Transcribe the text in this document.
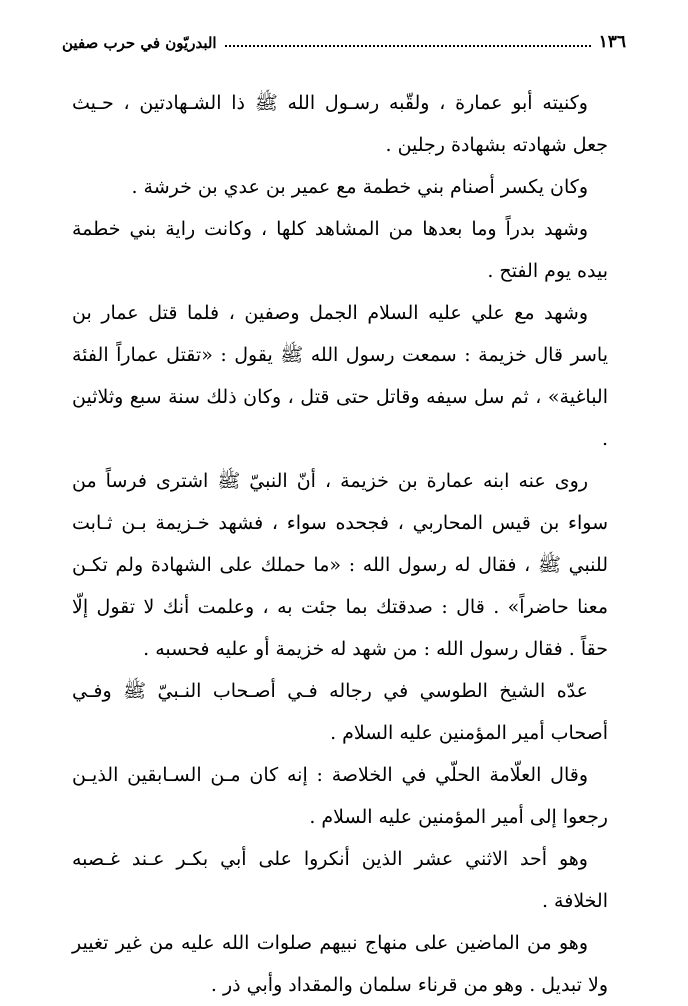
١٣٦
البدريّون في حرب صفين

وكنيته أبو عمارة ، ولقّبه رسـول الله ﷺ ذا الشـهادتين ، حـيث جعل شهادته بشهادة رجلين .

وكان يكسر أصنام بني خطمة مع عمير بن عدي بن خرشة .

وشهد بدراً وما بعدها من المشاهد كلها ، وكانت راية بني خطمة بيده يوم الفتح .

وشهد مع علي عليه السلام الجمل وصفين ، فلما قتل عمار بن ياسر قال خزيمة : سمعت رسول الله ﷺ يقول : «تقتل عماراً الفئة الباغية» ، ثم سل سيفه وقاتل حتى قتل ، وكان ذلك سنة سبع وثلاثين .

روى عنه ابنه عمارة بن خزيمة ، أنّ النبيّ ﷺ اشترى فرساً من سواء بن قيس المحاربي ، فجحده سواء ، فشهد خـزيمة بـن ثـابت للنبي ﷺ ، فقال له رسول الله : «ما حملك على الشهادة ولم تكـن معنا حاضراً» . قال : صدقتك بما جئت به ، وعلمت أنك لا تقول إلّا حقاً . فقال رسول الله : من شهد له خزيمة أو عليه فحسبه .

عدّه الشيخ الطوسي في رجاله فـي أصـحاب النـبيّ ﷺ وفـي أصحاب أمير المؤمنين عليه السلام .

وقال العلّامة الحلّي في الخلاصة : إنه كان مـن السـابقين الذيـن رجعوا إلى أمير المؤمنين عليه السلام .

وهو أحد الاثني عشر الذين أنكروا على أبي بكـر عـند غـصبه الخلافة .

وهو من الماضين على منهاج نبيهم صلوات الله عليه من غير تغيير ولا تبديل . وهو من قرناء سلمان والمقداد وأبي ذر .
